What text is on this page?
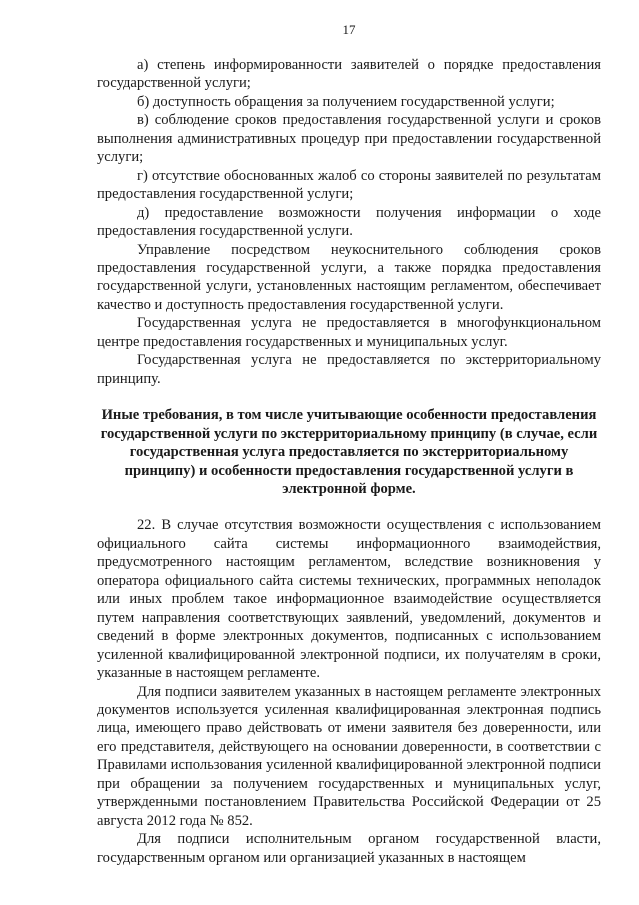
17

а) степень информированности заявителей о порядке предоставления государственной услуги;

б) доступность обращения за получением государственной услуги;

в) соблюдение сроков предоставления государственной услуги и сроков выполнения административных процедур при предоставлении государственной услуги;

г) отсутствие обоснованных жалоб со стороны заявителей по результатам предоставления государственной услуги;

д) предоставление возможности получения информации о ходе предоставления государственной услуги.

Управление посредством неукоснительного соблюдения сроков предоставления государственной услуги, а также порядка предоставления государственной услуги, установленных настоящим регламентом, обеспечивает качество и доступность предоставления государственной услуги.

Государственная услуга не предоставляется в многофункциональном центре предоставления государственных и муниципальных услуг.

Государственная услуга не предоставляется по экстерриториальному принципу.

Иные требования, в том числе учитывающие особенности предоставления государственной услуги по экстерриториальному принципу (в случае, если государственная услуга предоставляется по экстерриториальному принципу) и особенности предоставления государственной услуги в электронной форме.

22. В случае отсутствия возможности осуществления с использованием официального сайта системы информационного взаимодействия, предусмотренного настоящим регламентом, вследствие возникновения у оператора официального сайта системы технических, программных неполадок или иных проблем такое информационное взаимодействие осуществляется путем направления соответствующих заявлений, уведомлений, документов и сведений в форме электронных документов, подписанных с использованием усиленной квалифицированной электронной подписи, их получателям в сроки, указанные в настоящем регламенте.

Для подписи заявителем указанных в настоящем регламенте электронных документов используется усиленная квалифицированная электронная подпись лица, имеющего право действовать от имени заявителя без доверенности, или его представителя, действующего на основании доверенности, в соответствии с Правилами использования усиленной квалифицированной электронной подписи при обращении за получением государственных и муниципальных услуг, утвержденными постановлением Правительства Российской Федерации от 25 августа 2012 года № 852.

Для подписи исполнительным органом государственной власти, государственным органом или организацией указанных в настоящем
